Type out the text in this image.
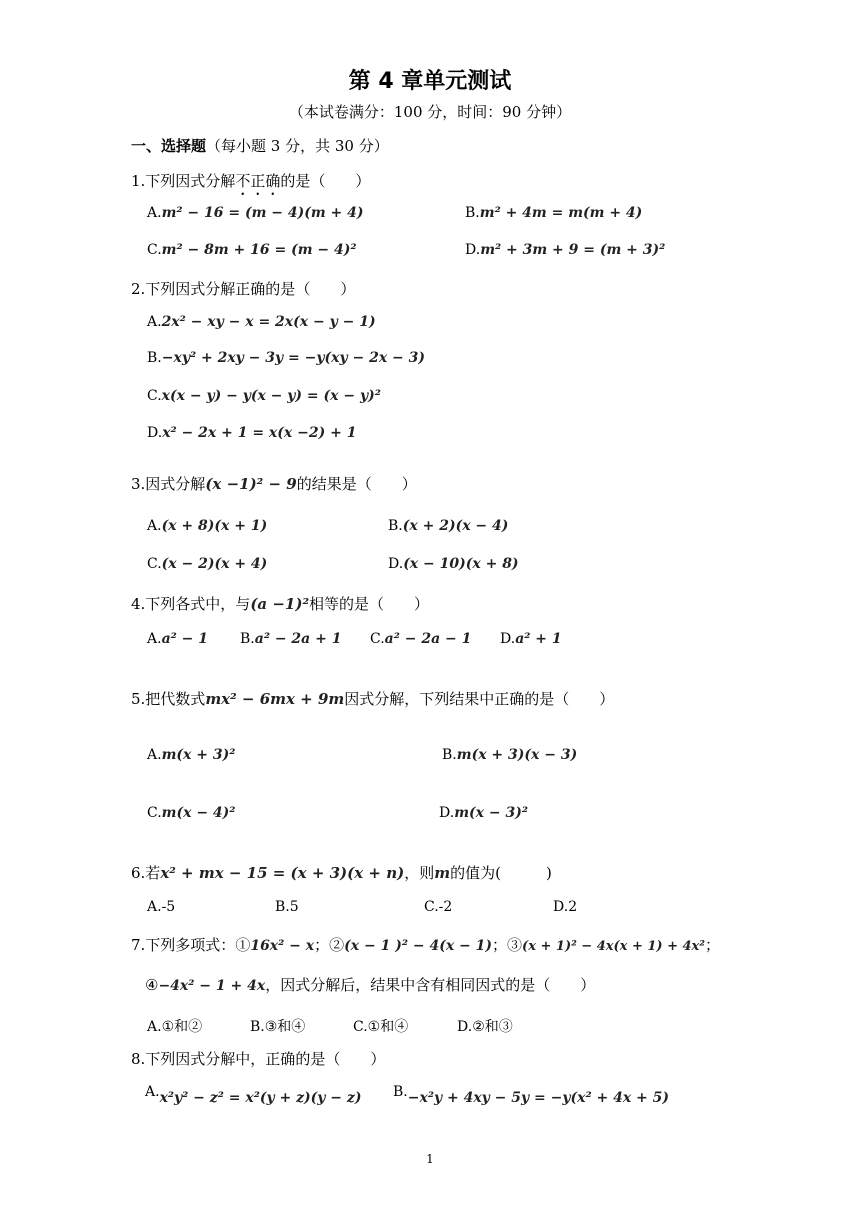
第 4 章单元测试
（本试卷满分：100 分，时间：90 分钟）
一、选择题（每小题 3 分，共 30 分）
1.下列因式分解不正确的是（　　）
A.m² − 16 = (m − 4)(m + 4)	B.m² + 4m = m(m + 4)
C.m² − 8m + 16 = (m − 4)²	D.m² + 3m + 9 = (m + 3)²
2.下列因式分解正确的是（　　）
A.2x² − xy − x = 2x(x − y − 1)
B.−xy² + 2xy − 3y = −y(xy − 2x − 3)
C.x(x − y) − y(x − y) = (x − y)²
D.x² − 2x + 1 = x(x −2) + 1
3.因式分解(x −1)² − 9的结果是（　　）
A.(x + 8)(x + 1)	B.(x + 2)(x − 4)
C.(x − 2)(x + 4)	D.(x − 10)(x + 8)
4.下列各式中，与(a −1)²相等的是（　　）
A.a² − 1 B.a² − 2a + 1 C.a² − 2a − 1 D.a² + 1
5.把代数式mx² − 6mx + 9m因式分解，下列结果中正确的是（　　）
A.m(x + 3)²	B.m(x + 3)(x − 3)
C.m(x − 4)²	D.m(x − 3)²
6.若x² + mx − 15 = (x + 3)(x + n)，则m的值为(　　　)
A.-5	B.5	C.-2	D.2
7.下列多项式：①16x² − x；②(x − 1 )² − 4(x − 1)；③(x + 1)² − 4x(x + 1) + 4x²；
④−4x² − 1 + 4x，因式分解后，结果中含有相同因式的是（　　）
A.①和②	B.③和④	C.①和④	D.②和③
8.下列因式分解中，正确的是（　　）
A.x²y² − z² = x²(y + z)(y − z) B.−x²y + 4xy − 5y = −y(x² + 4x + 5)
1
